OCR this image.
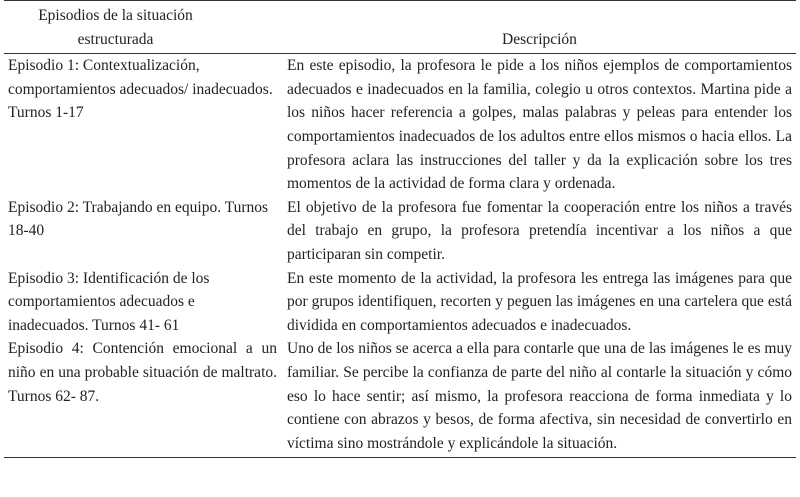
Episodios de la situación estructurada	Descripción
Episodio 1: Contextualización, comportamientos adecuados/ inadecuados. Turnos 1-17	En este episodio, la profesora le pide a los niños ejemplos de comportamientos adecuados e inadecuados en la familia, colegio u otros contextos. Martina pide a los niños hacer referencia a golpes, malas palabras y peleas para entender los comportamientos inadecuados de los adultos entre ellos mismos o hacia ellos. La profesora aclara las instrucciones del taller y da la explicación sobre los tres momentos de la actividad de forma clara y ordenada.
Episodio 2: Trabajando en equipo. Turnos 18-40	El objetivo de la profesora fue fomentar la cooperación entre los niños a través del trabajo en grupo, la profesora pretendía incentivar a los niños a que participaran sin competir.
Episodio 3: Identificación de los comportamientos adecuados e inadecuados. Turnos 41- 61	En este momento de la actividad, la profesora les entrega las imágenes para que por grupos identifiquen, recorten y peguen las imágenes en una cartelera que está dividida en comportamientos adecuados e inadecuados.
Episodio 4: Contención emocional a un niño en una probable situación de maltrato. Turnos 62- 87.	Uno de los niños se acerca a ella para contarle que una de las imágenes le es muy familiar. Se percibe la confianza de parte del niño al contarle la situación y cómo eso lo hace sentir; así mismo, la profesora reacciona de forma inmediata y lo contiene con abrazos y besos, de forma afectiva, sin necesidad de convertirlo en víctima sino mostrándole y explicándole la situación.
